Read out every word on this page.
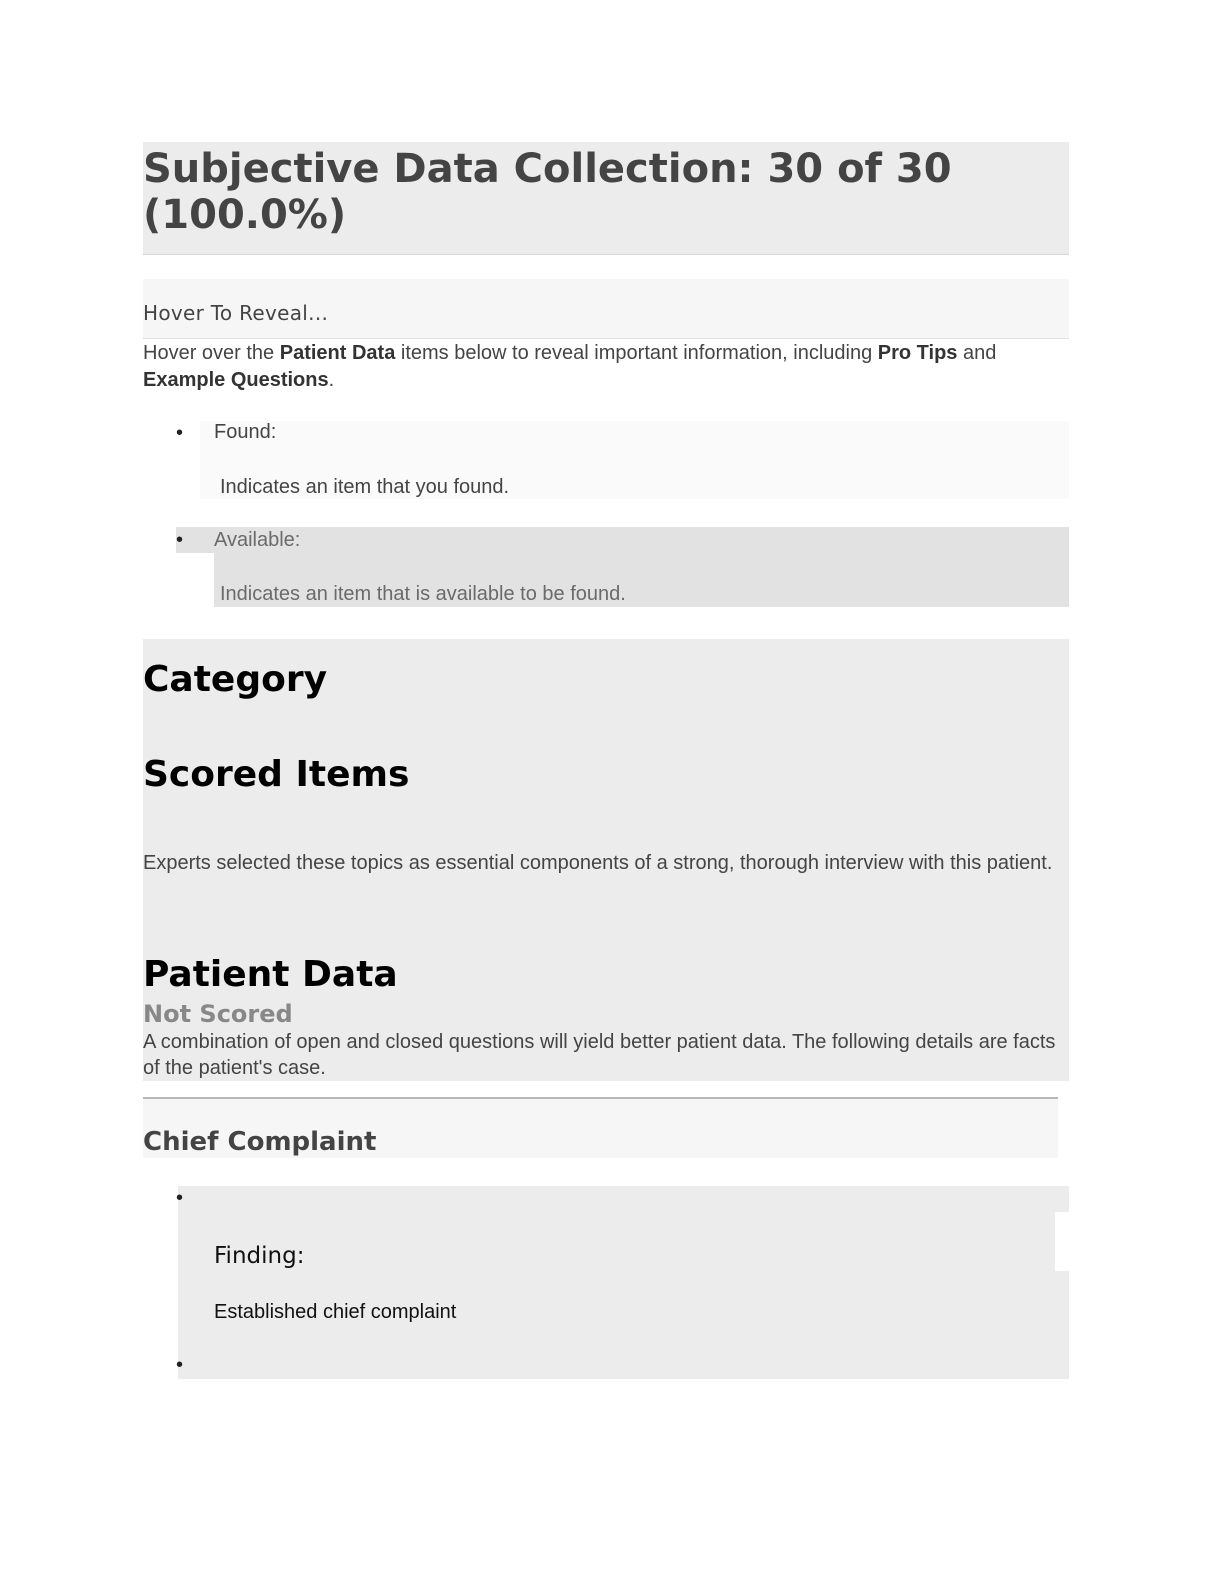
Subjective Data Collection: 30 of 30 (100.0%)
Hover To Reveal...
Hover over the Patient Data items below to reveal important information, including Pro Tips and Example Questions.
• Found:
Indicates an item that you found.
• Available:
Indicates an item that is available to be found.
Category
Scored Items
Experts selected these topics as essential components of a strong, thorough interview with this patient.
Patient Data
Not Scored
A combination of open and closed questions will yield better patient data. The following details are facts of the patient's case.
Chief Complaint
•
Finding:
Established chief complaint
•
